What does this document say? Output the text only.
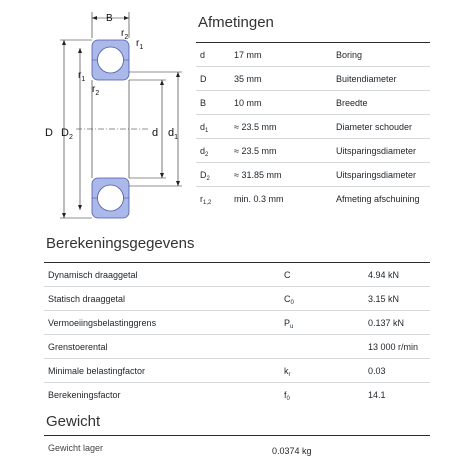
B
D $D_2$	d $d_1$
$r_2$
$r_1$
$r_1$
$r_2$
Afmetingen
d	17 mm	Boring
D	35 mm	Buitendiameter
B	10 mm	Breedte
$d_1$	≈ 23.5 mm	Diameter schouder
$d_2$	≈ 23.5 mm	Uitsparingsdiameter
$D_2$	≈ 31.85 mm	Uitsparingsdiameter
$r_{1,2}$	min. 0.3 mm	Afmeting afschuining
Berekeningsgegevens
Dynamisch draaggetal	C	4.94 kN
Statisch draaggetal	$C_0$	3.15 kN
Vermoeiingsbelastinggrens	$P_u$	0.137 kN
Grenstoerental		13 000 r/min
Minimale belastingfactor	$k_r$	0.03
Berekeningsfactor	$f_0$	14.1
Gewicht
Gewicht lager	0.0374 kg
